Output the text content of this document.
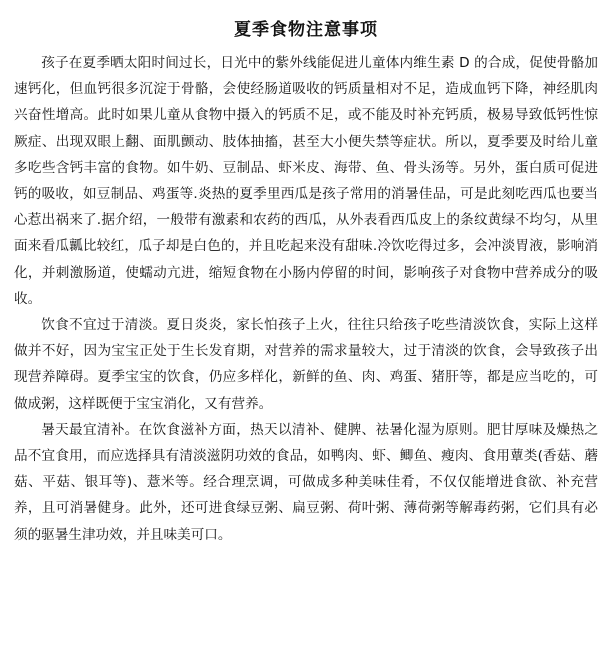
夏季食物注意事项

孩子在夏季晒太阳时间过长，日光中的紫外线能促进儿童体内维生素 D 的合成，促使骨骼加速钙化，但血钙很多沉淀于骨骼，会使经肠道吸收的钙质量相对不足，造成血钙下降，神经肌肉兴奋性增高。此时如果儿童从食物中摄入的钙质不足，或不能及时补充钙质，极易导致低钙性惊厥症、出现双眼上翻、面肌颤动、肢体抽搐，甚至大小便失禁等症状。所以，夏季要及时给儿童多吃些含钙丰富的食物。如牛奶、豆制品、虾米皮、海带、鱼、骨头汤等。另外，蛋白质可促进钙的吸收，如豆制品、鸡蛋等.炎热的夏季里西瓜是孩子常用的消暑佳品，可是此刻吃西瓜也要当心惹出祸来了.据介绍，一般带有激素和农药的西瓜，从外表看西瓜皮上的条纹黄绿不均匀，从里面来看瓜瓤比较红，瓜子却是白色的，并且吃起来没有甜味.冷饮吃得过多，会冲淡胃液，影响消化，并刺激肠道，使蠕动亢进，缩短食物在小肠内停留的时间，影响孩子对食物中营养成分的吸收。

饮食不宜过于清淡。夏日炎炎，家长怕孩子上火，往往只给孩子吃些清淡饮食，实际上这样做并不好，因为宝宝正处于生长发育期，对营养的需求量较大，过于清淡的饮食，会导致孩子出现营养障碍。夏季宝宝的饮食，仍应多样化，新鲜的鱼、肉、鸡蛋、猪肝等，都是应当吃的，可做成粥，这样既便于宝宝消化，又有营养。

暑天最宜清补。在饮食滋补方面，热天以清补、健脾、祛暑化湿为原则。肥甘厚味及燥热之品不宜食用，而应选择具有清淡滋阴功效的食品，如鸭肉、虾、鲫鱼、瘦肉、食用蕈类(香菇、蘑菇、平菇、银耳等)、薏米等。经合理烹调，可做成多种美味佳肴，不仅仅能增进食欲、补充营养，且可消暑健身。此外，还可进食绿豆粥、扁豆粥、荷叶粥、薄荷粥等解毒药粥，它们具有必须的驱暑生津功效，并且味美可口。
